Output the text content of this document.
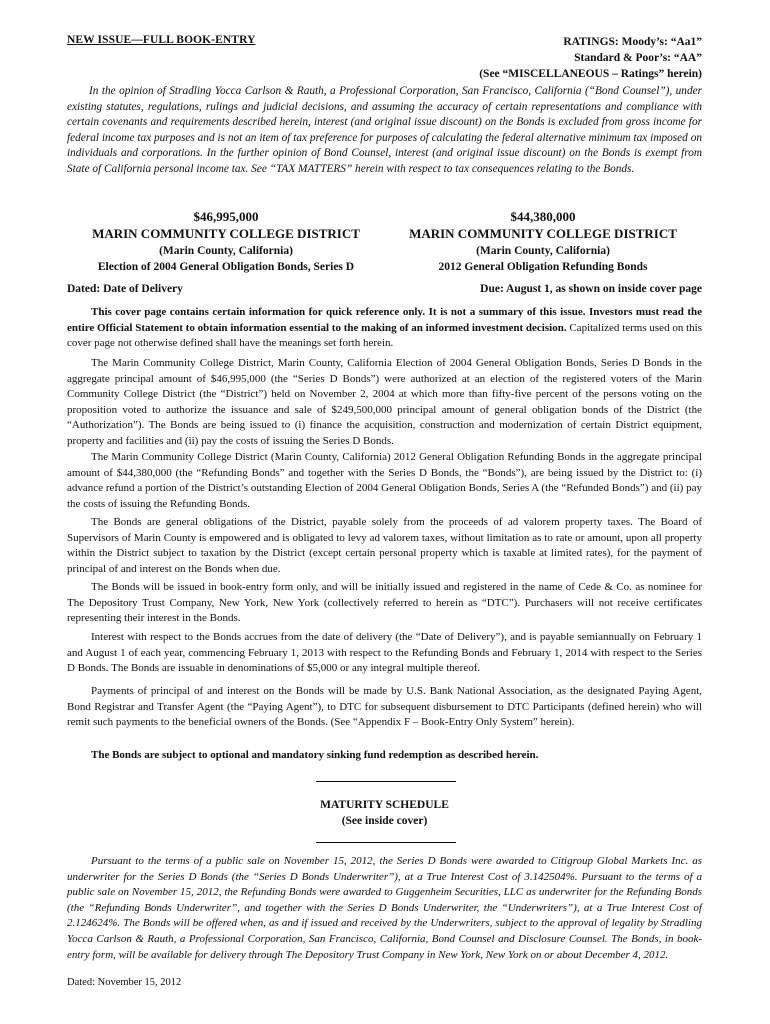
NEW ISSUE—FULL BOOK-ENTRY	RATINGS: Moody’s: “Aa1”
Standard & Poor’s: “AA”
(See “MISCELLANEOUS – Ratings” herein)
In the opinion of Stradling Yocca Carlson & Rauth, a Professional Corporation, San Francisco, California (“Bond Counsel”), under existing statutes, regulations, rulings and judicial decisions, and assuming the accuracy of certain representations and compliance with certain covenants and requirements described herein, interest (and original issue discount) on the Bonds is excluded from gross income for federal income tax purposes and is not an item of tax preference for purposes of calculating the federal alternative minimum tax imposed on individuals and corporations. In the further opinion of Bond Counsel, interest (and original issue discount) on the Bonds is exempt from State of California personal income tax. See “TAX MATTERS” herein with respect to tax consequences relating to the Bonds.
$46,995,000
MARIN COMMUNITY COLLEGE DISTRICT
(Marin County, California)
Election of 2004 General Obligation Bonds, Series D
$44,380,000
MARIN COMMUNITY COLLEGE DISTRICT
(Marin County, California)
2012 General Obligation Refunding Bonds
Dated: Date of Delivery	Due: August 1, as shown on inside cover page
This cover page contains certain information for quick reference only. It is not a summary of this issue. Investors must read the entire Official Statement to obtain information essential to the making of an informed investment decision. Capitalized terms used on this cover page not otherwise defined shall have the meanings set forth herein.
The Marin Community College District, Marin County, California Election of 2004 General Obligation Bonds, Series D Bonds in the aggregate principal amount of $46,995,000 (the “Series D Bonds”) were authorized at an election of the registered voters of the Marin Community College District (the “District”) held on November 2, 2004 at which more than fifty-five percent of the persons voting on the proposition voted to authorize the issuance and sale of $249,500,000 principal amount of general obligation bonds of the District (the “Authorization”). The Bonds are being issued to (i) finance the acquisition, construction and modernization of certain District equipment, property and facilities and (ii) pay the costs of issuing the Series D Bonds.
The Marin Community College District (Marin County, California) 2012 General Obligation Refunding Bonds in the aggregate principal amount of $44,380,000 (the “Refunding Bonds” and together with the Series D Bonds, the “Bonds”), are being issued by the District to: (i) advance refund a portion of the District’s outstanding Election of 2004 General Obligation Bonds, Series A (the “Refunded Bonds”) and (ii) pay the costs of issuing the Refunding Bonds.
The Bonds are general obligations of the District, payable solely from the proceeds of ad valorem property taxes. The Board of Supervisors of Marin County is empowered and is obligated to levy ad valorem taxes, without limitation as to rate or amount, upon all property within the District subject to taxation by the District (except certain personal property which is taxable at limited rates), for the payment of principal of and interest on the Bonds when due.
The Bonds will be issued in book-entry form only, and will be initially issued and registered in the name of Cede & Co. as nominee for The Depository Trust Company, New York, New York (collectively referred to herein as “DTC”). Purchasers will not receive certificates representing their interest in the Bonds.
Interest with respect to the Bonds accrues from the date of delivery (the “Date of Delivery”), and is payable semiannually on February 1 and August 1 of each year, commencing February 1, 2013 with respect to the Refunding Bonds and February 1, 2014 with respect to the Series D Bonds. The Bonds are issuable in denominations of $5,000 or any integral multiple thereof.
Payments of principal of and interest on the Bonds will be made by U.S. Bank National Association, as the designated Paying Agent, Bond Registrar and Transfer Agent (the “Paying Agent”), to DTC for subsequent disbursement to DTC Participants (defined herein) who will remit such payments to the beneficial owners of the Bonds. (See “Appendix F – Book-Entry Only System” herein).
The Bonds are subject to optional and mandatory sinking fund redemption as described herein.
MATURITY SCHEDULE
(See inside cover)
Pursuant to the terms of a public sale on November 15, 2012, the Series D Bonds were awarded to Citigroup Global Markets Inc. as underwriter for the Series D Bonds (the “Series D Bonds Underwriter”), at a True Interest Cost of 3.142504%. Pursuant to the terms of a public sale on November 15, 2012, the Refunding Bonds were awarded to Guggenheim Securities, LLC as underwriter for the Refunding Bonds (the “Refunding Bonds Underwriter”, and together with the Series D Bonds Underwriter, the “Underwriters”), at a True Interest Cost of 2.124624%. The Bonds will be offered when, as and if issued and received by the Underwriters, subject to the approval of legality by Stradling Yocca Carlson & Rauth, a Professional Corporation, San Francisco, California, Bond Counsel and Disclosure Counsel. The Bonds, in book-entry form, will be available for delivery through The Depository Trust Company in New York, New York on or about December 4, 2012.
Dated: November 15, 2012
